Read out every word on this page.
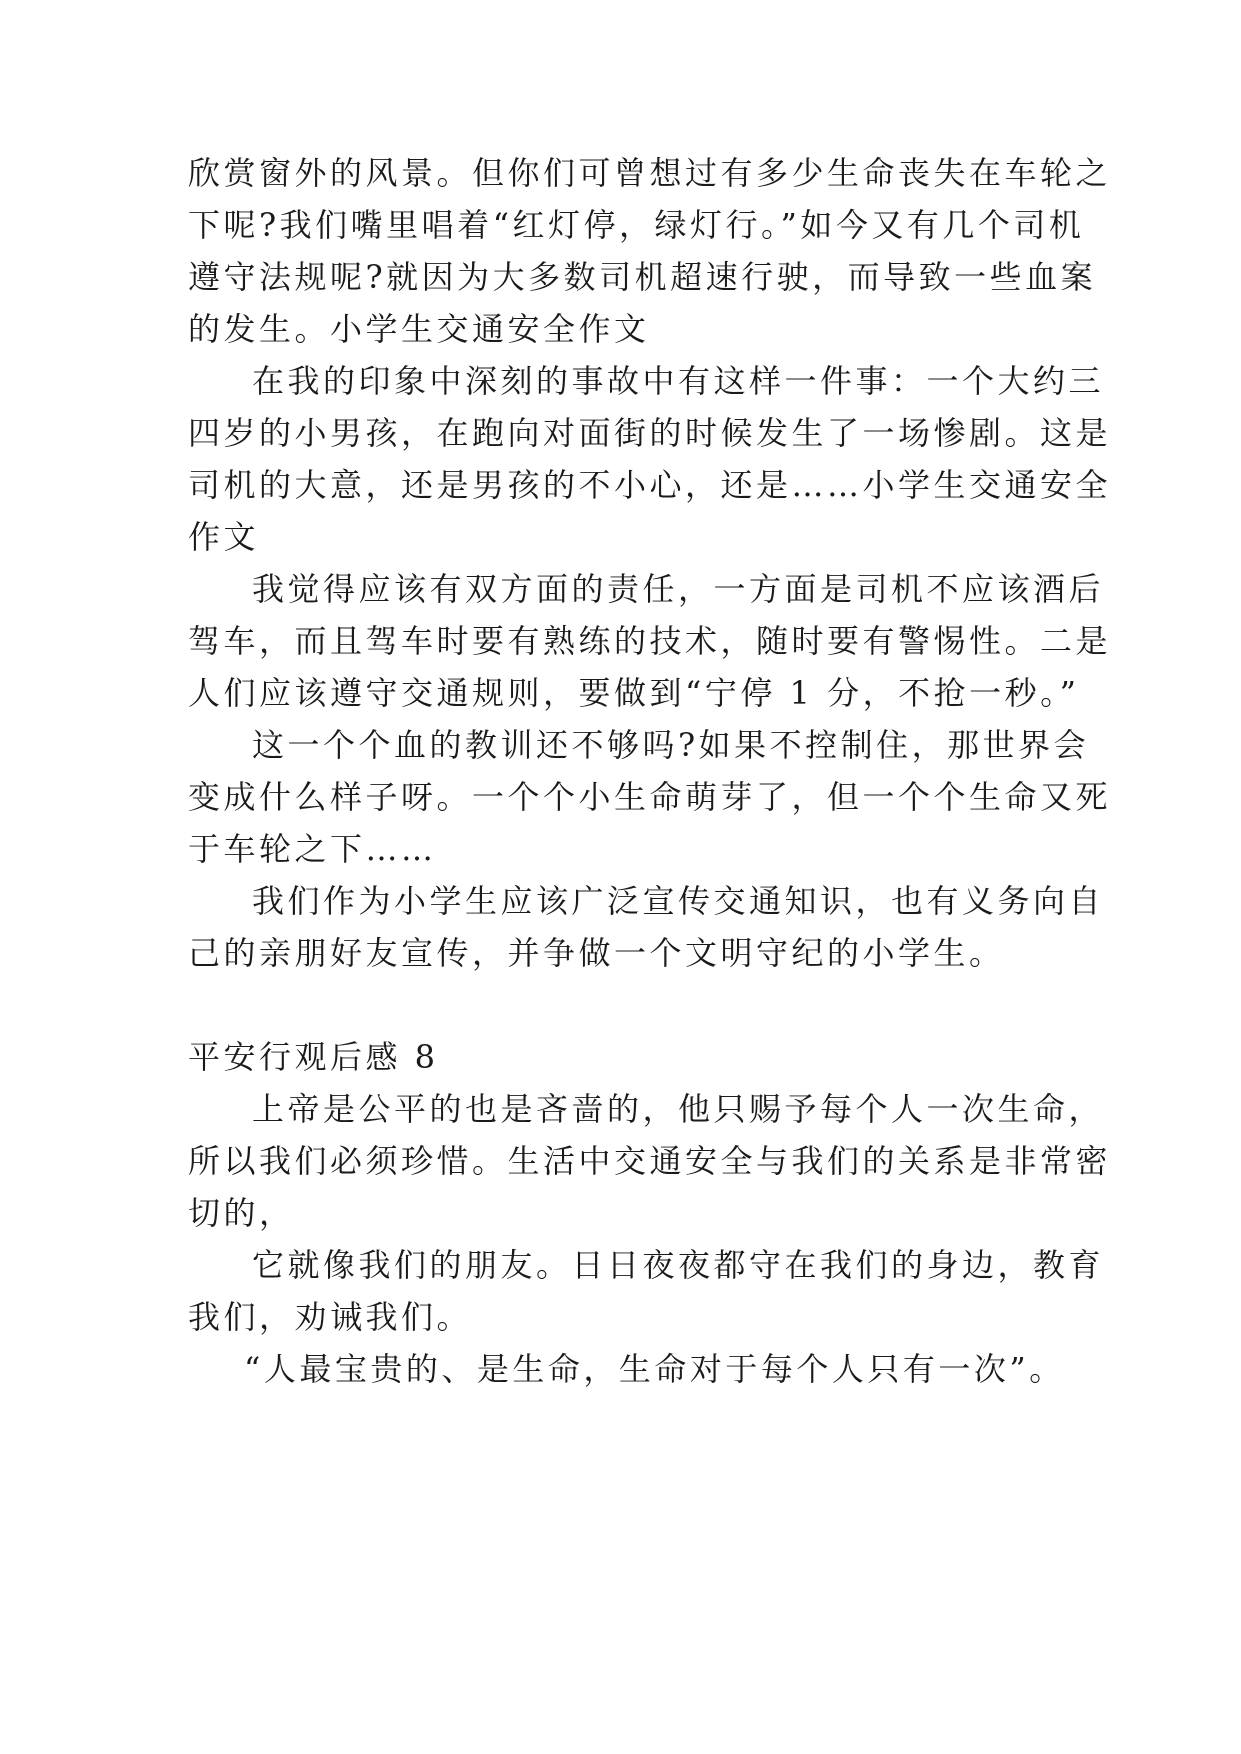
欣赏窗外的风景。但你们可曾想过有多少生命丧失在车轮之
下呢?我们嘴里唱着“红灯停，绿灯行。”如今又有几个司机
遵守法规呢?就因为大多数司机超速行驶，而导致一些血案
的发生。小学生交通安全作文
在我的印象中深刻的事故中有这样一件事：一个大约三
四岁的小男孩，在跑向对面街的时候发生了一场惨剧。这是
司机的大意，还是男孩的不小心，还是……小学生交通安全
作文
我觉得应该有双方面的责任，一方面是司机不应该酒后
驾车，而且驾车时要有熟练的技术，随时要有警惕性。二是
人们应该遵守交通规则，要做到“宁停 1 分，不抢一秒。”
这一个个血的教训还不够吗?如果不控制住，那世界会
变成什么样子呀。一个个小生命萌芽了，但一个个生命又死
于车轮之下……
我们作为小学生应该广泛宣传交通知识，也有义务向自
己的亲朋好友宣传，并争做一个文明守纪的小学生。
平安行观后感 8
上帝是公平的也是吝啬的，他只赐予每个人一次生命，
所以我们必须珍惜。生活中交通安全与我们的关系是非常密
切的，
它就像我们的朋友。日日夜夜都守在我们的身边，教育
我们，劝诫我们。
“人最宝贵的、是生命，生命对于每个人只有一次”。
